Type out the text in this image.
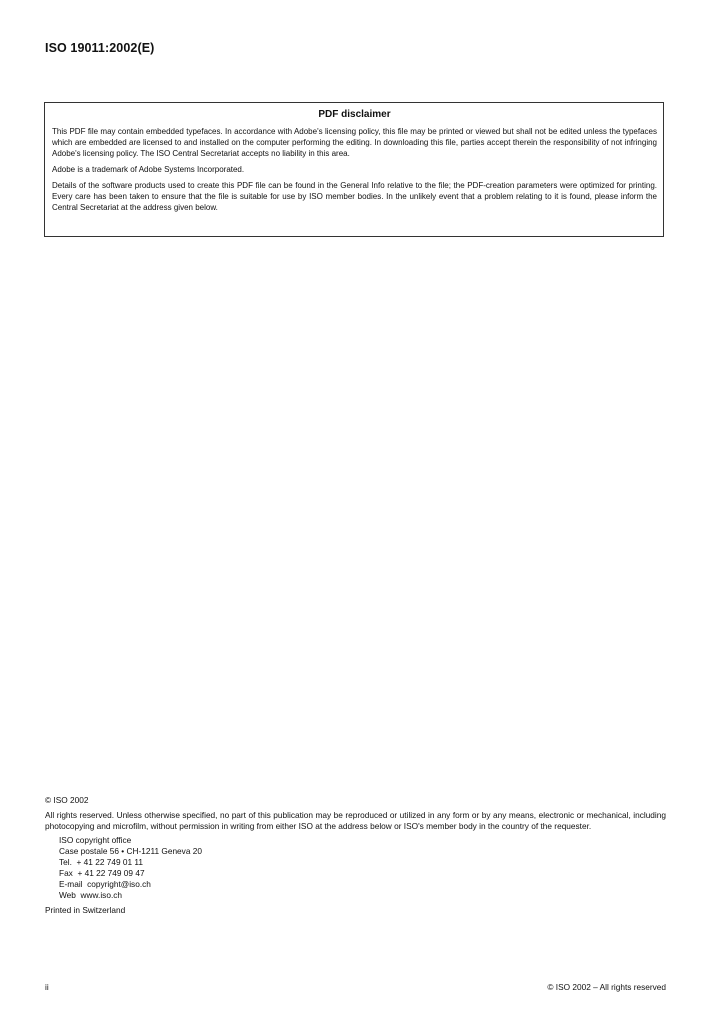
ISO 19011:2002(E)
PDF disclaimer

This PDF file may contain embedded typefaces. In accordance with Adobe's licensing policy, this file may be printed or viewed but shall not be edited unless the typefaces which are embedded are licensed to and installed on the computer performing the editing. In downloading this file, parties accept therein the responsibility of not infringing Adobe's licensing policy. The ISO Central Secretariat accepts no liability in this area.

Adobe is a trademark of Adobe Systems Incorporated.

Details of the software products used to create this PDF file can be found in the General Info relative to the file; the PDF-creation parameters were optimized for printing. Every care has been taken to ensure that the file is suitable for use by ISO member bodies. In the unlikely event that a problem relating to it is found, please inform the Central Secretariat at the address given below.

© ISO 2002

All rights reserved. Unless otherwise specified, no part of this publication may be reproduced or utilized in any form or by any means, electronic or mechanical, including photocopying and microfilm, without permission in writing from either ISO at the address below or ISO's member body in the country of the requester.

ISO copyright office
Case postale 56 • CH-1211 Geneva 20
Tel.  + 41 22 749 01 11
Fax  + 41 22 749 09 47
E-mail  copyright@iso.ch
Web  www.iso.ch

Printed in Switzerland

ii	© ISO 2002 – All rights reserved
